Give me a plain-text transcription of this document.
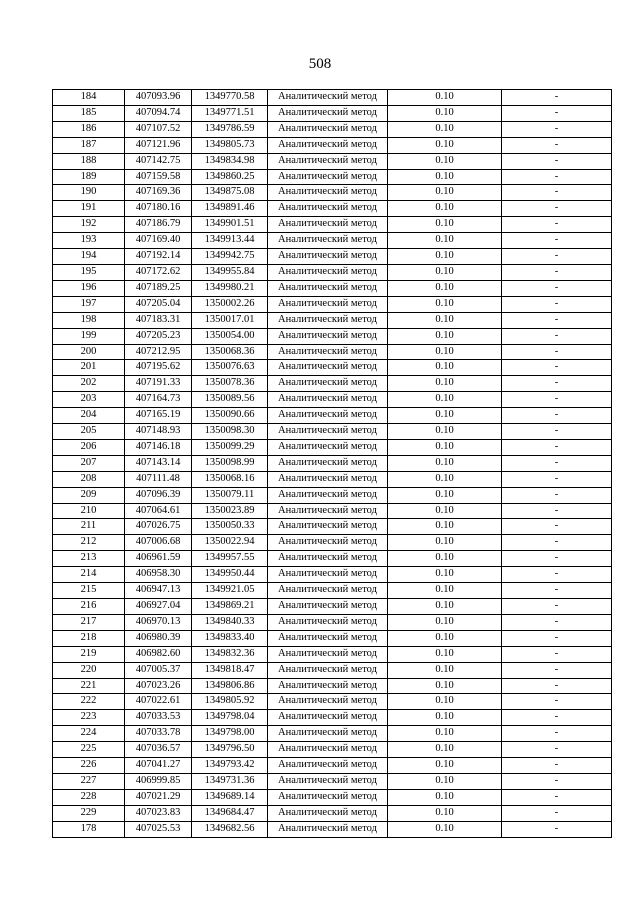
508
184	407093.96	1349770.58	Аналитический метод	0.10	-
185	407094.74	1349771.51	Аналитический метод	0.10	-
186	407107.52	1349786.59	Аналитический метод	0.10	-
187	407121.96	1349805.73	Аналитический метод	0.10	-
188	407142.75	1349834.98	Аналитический метод	0.10	-
189	407159.58	1349860.25	Аналитический метод	0.10	-
190	407169.36	1349875.08	Аналитический метод	0.10	-
191	407180.16	1349891.46	Аналитический метод	0.10	-
192	407186.79	1349901.51	Аналитический метод	0.10	-
193	407169.40	1349913.44	Аналитический метод	0.10	-
194	407192.14	1349942.75	Аналитический метод	0.10	-
195	407172.62	1349955.84	Аналитический метод	0.10	-
196	407189.25	1349980.21	Аналитический метод	0.10	-
197	407205.04	1350002.26	Аналитический метод	0.10	-
198	407183.31	1350017.01	Аналитический метод	0.10	-
199	407205.23	1350054.00	Аналитический метод	0.10	-
200	407212.95	1350068.36	Аналитический метод	0.10	-
201	407195.62	1350076.63	Аналитический метод	0.10	-
202	407191.33	1350078.36	Аналитический метод	0.10	-
203	407164.73	1350089.56	Аналитический метод	0.10	-
204	407165.19	1350090.66	Аналитический метод	0.10	-
205	407148.93	1350098.30	Аналитический метод	0.10	-
206	407146.18	1350099.29	Аналитический метод	0.10	-
207	407143.14	1350098.99	Аналитический метод	0.10	-
208	407111.48	1350068.16	Аналитический метод	0.10	-
209	407096.39	1350079.11	Аналитический метод	0.10	-
210	407064.61	1350023.89	Аналитический метод	0.10	-
211	407026.75	1350050.33	Аналитический метод	0.10	-
212	407006.68	1350022.94	Аналитический метод	0.10	-
213	406961.59	1349957.55	Аналитический метод	0.10	-
214	406958.30	1349950.44	Аналитический метод	0.10	-
215	406947.13	1349921.05	Аналитический метод	0.10	-
216	406927.04	1349869.21	Аналитический метод	0.10	-
217	406970.13	1349840.33	Аналитический метод	0.10	-
218	406980.39	1349833.40	Аналитический метод	0.10	-
219	406982.60	1349832.36	Аналитический метод	0.10	-
220	407005.37	1349818.47	Аналитический метод	0.10	-
221	407023.26	1349806.86	Аналитический метод	0.10	-
222	407022.61	1349805.92	Аналитический метод	0.10	-
223	407033.53	1349798.04	Аналитический метод	0.10	-
224	407033.78	1349798.00	Аналитический метод	0.10	-
225	407036.57	1349796.50	Аналитический метод	0.10	-
226	407041.27	1349793.42	Аналитический метод	0.10	-
227	406999.85	1349731.36	Аналитический метод	0.10	-
228	407021.29	1349689.14	Аналитический метод	0.10	-
229	407023.83	1349684.47	Аналитический метод	0.10	-
178	407025.53	1349682.56	Аналитический метод	0.10	-
